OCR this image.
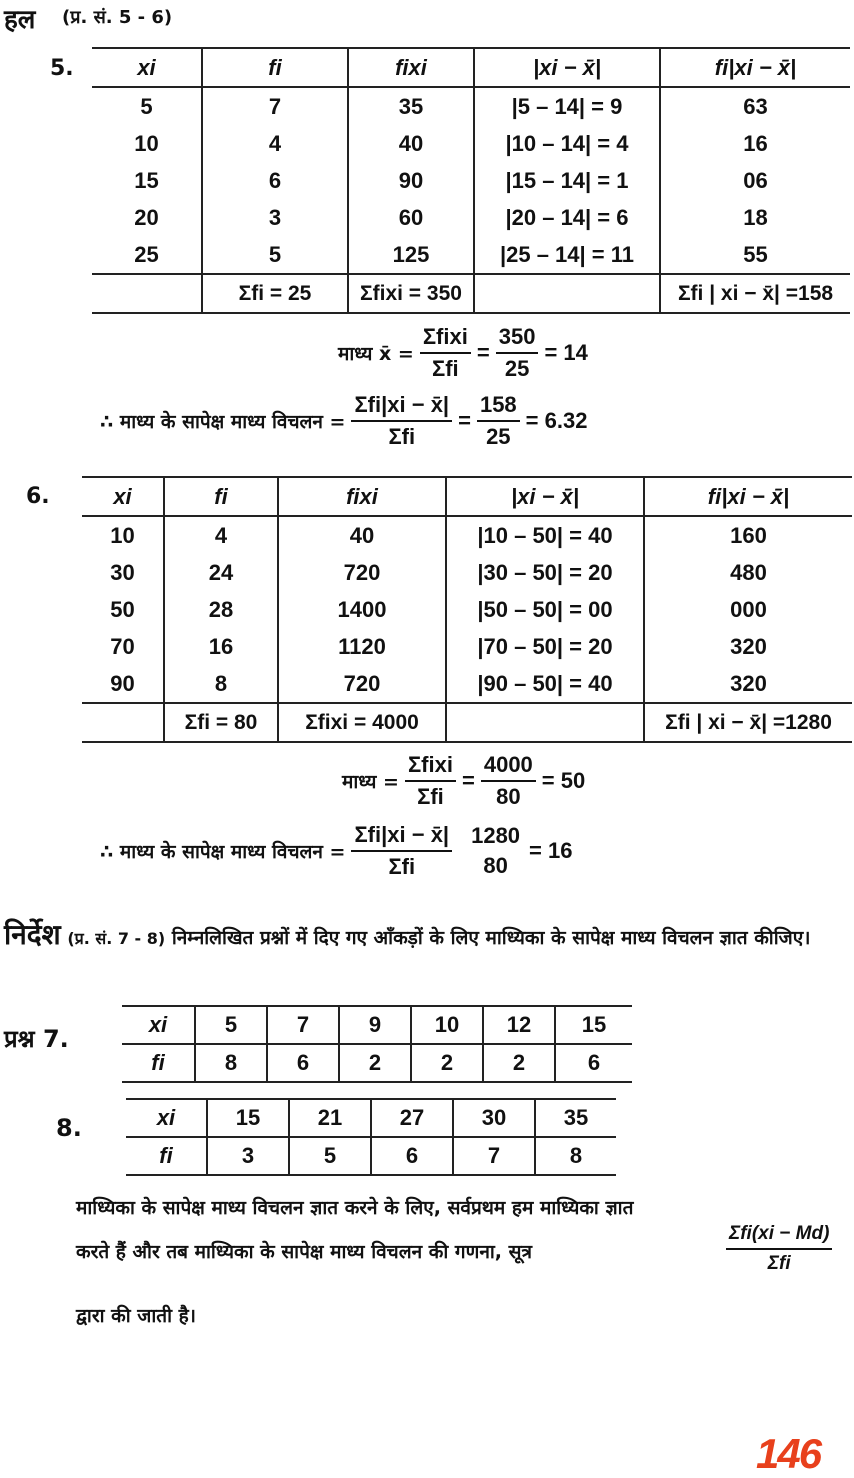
हल (प्र. सं. 5 - 6)
5.	xi	fi	fixi	|xi − x̄|	fi|xi − x̄|
5	7	35	|5 – 14| = 9	63
10	4	40	|10 – 14| = 4	16
15	6	90	|15 – 14| = 1	06
20	3	60	|20 – 14| = 6	18
25	5	125	|25 – 14| = 11	55
	Σfi = 25	Σfixi = 350		Σfi | xi − x̄| =158
माध्य x̄ = $\frac{\text{Σfixi}}{\text{Σfi}} = \frac{350}{25} = 14$
∴ माध्य के सापेक्ष माध्य विचलन = $\frac{\text{Σfi|xi − x̄|}}{\text{Σfi}} = \frac{158}{25} = 6.32$
6.	xi	fi	fixi	|xi − x̄|	fi|xi − x̄|
10	4	40	|10 – 50| = 40	160
30	24	720	|30 – 50| = 20	480
50	28	1400	|50 – 50| = 00	000
70	16	1120	|70 – 50| = 20	320
90	8	720	|90 – 50| = 40	320
	Σfi = 80	Σfixi = 4000		Σfi | xi − x̄| =1280
माध्य = $\frac{\text{Σfixi}}{\text{Σfi}} = \frac{4000}{80} = 50$
∴ माध्य के सापेक्ष माध्य विचलन = $\frac{\text{Σfi|xi − x̄|}}{\text{Σfi}} 1280$
80
= 16
निर्देश (प्र. सं. 7 - 8) निम्नलिखित प्रश्नों में दिए गए आँकड़ों के लिए माध्यिका के सापेक्ष माध्य विचलन ज्ञात कीजिए।
प्रश्न 7.
xi	5	7	9	10	12	15
fi	8	6	2	2	2	6
8.	xi	15	21	27	30	35
fi	3	5	6	7	8
माध्यिका के सापेक्ष माध्य विचलन ज्ञात करने के लिए, सर्वप्रथम हम माध्यिका ज्ञात
करते हैं और तब माध्यिका के सापेक्ष माध्य विचलन की गणना, सूत्र	$\frac{\text{Σfi(xi − Md)}}{\text{Σfi}}$
द्वारा की जाती है।
146
